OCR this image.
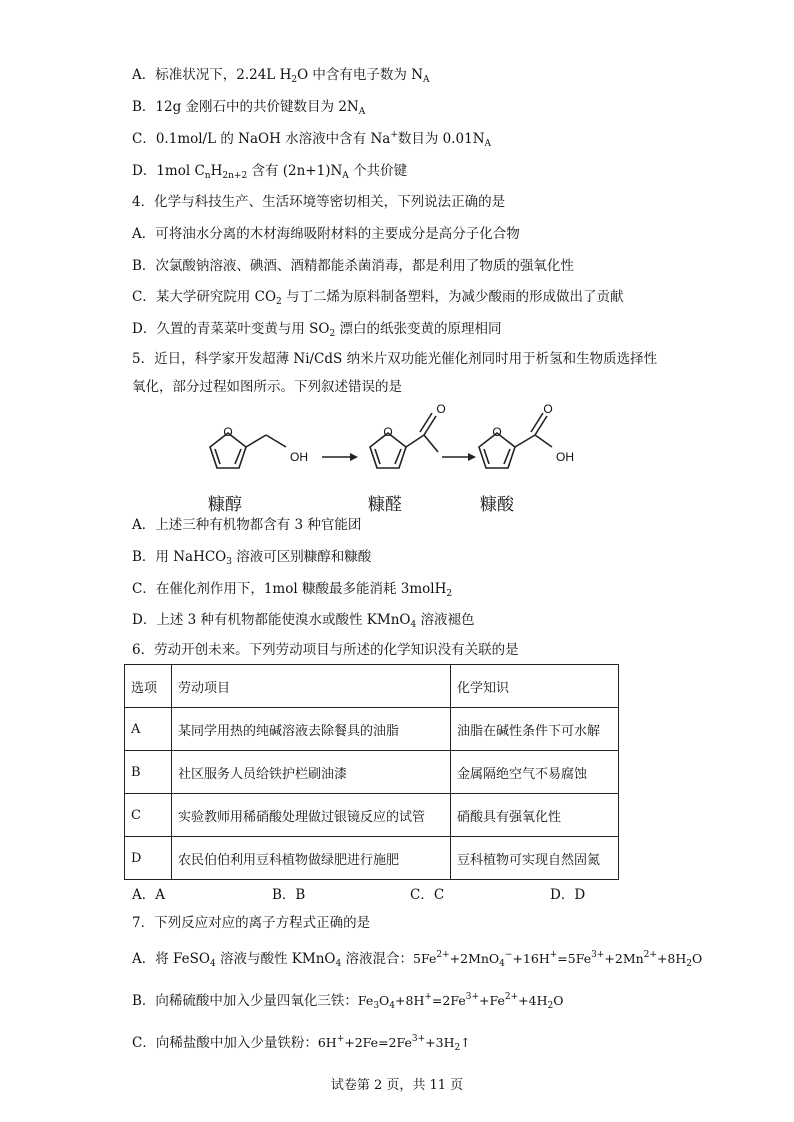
A．标准状况下，2.24L $H_2O$ 中含有电子数为 $N_A$
B．12g 金刚石中的共价键数目为 $2N_A$
C．0.1mol/L 的 NaOH 水溶液中含有 Na+数目为 $0.01N_A$
D．1mol $C_nH_{2n+2}$ 含有 $(2n+1)N_A$ 个共价键
4．化学与科技生产、生活环境等密切相关，下列说法正确的是
A．可将油水分离的木材海绵吸附材料的主要成分是高分子化合物
B．次氯酸钠溶液、碘酒、酒精都能杀菌消毒，都是利用了物质的强氧化性
C．某大学研究院用 $CO_2$ 与丁二烯为原料制备塑料，为减少酸雨的形成做出了贡献
D．久置的青菜菜叶变黄与用 $SO_2$ 漂白的纸张变黄的原理相同
5．近日，科学家开发超薄 Ni/CdS 纳米片双功能光催化剂同时用于析氢和生物质选择性
氧化，部分过程如图所示。下列叙述错误的是
O	O	O
O	O
OH	OH
糠醇	糠醛	糠酸
A．上述三种有机物都含有 3 种官能团
B．用 NaHCO$_3$ 溶液可区别糠醇和糠酸
C．在催化剂作用下，1mol 糠酸最多能消耗 3molH$_2$
D．上述 3 种有机物都能使溴水或酸性 KMnO$_4$ 溶液褪色
6．劳动开创未来。下列劳动项目与所述的化学知识没有关联的是
选项	劳动项目	化学知识
A	某同学用热的纯碱溶液去除餐具的油脂	油脂在碱性条件下可水解
B	社区服务人员给铁护栏刷油漆	金属隔绝空气不易腐蚀
C	实验教师用稀硝酸处理做过银镜反应的试管	硝酸具有强氧化性
D	农民伯伯利用豆科植物做绿肥进行施肥	豆科植物可实现自然固氮
A．A	B．B	C．C	D．D
7．下列反应对应的离子方程式正确的是
A．将 FeSO$_4$ 溶液与酸性 KMnO$_4$ 溶液混合：$5Fe^{2+}+2MnO_4^-+16H^+=5Fe^{3+}+2Mn^{2+}+8H_2O$
B．向稀硫酸中加入少量四氧化三铁：$Fe_3O_4+8H^+=2Fe^{3+}+Fe^{2+}+4H_2O$
C．向稀盐酸中加入少量铁粉：$6H^++2Fe=2Fe^{3+}+3H_2↑$
试卷第 2 页，共 11 页
